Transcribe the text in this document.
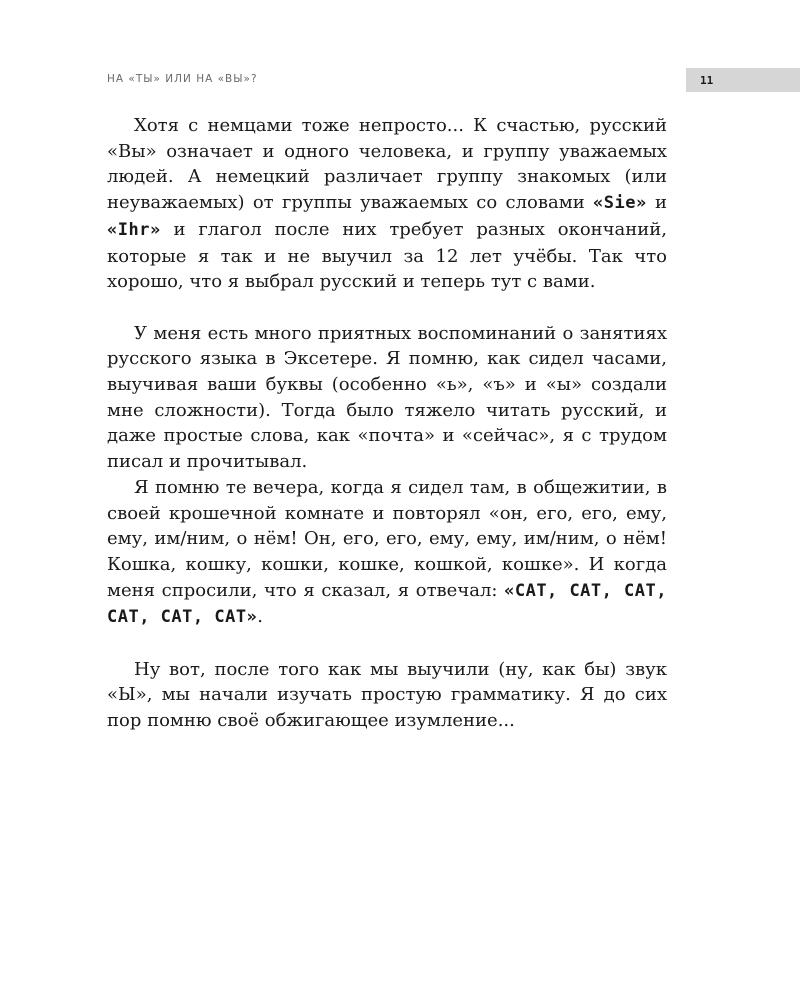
НА «ТЫ» ИЛИ НА «ВЫ»?	11

Хотя с немцами тоже непросто... К счастью, русский «Вы» означает и одного человека, и группу уважаемых людей. А немецкий различает группу знакомых (или неуважаемых) от группы уважаемых со словами «Sie» и «Ihr» и глагол после них требует разных окончаний, которые я так и не выучил за 12 лет учёбы. Так что хорошо, что я выбрал русский и теперь тут с вами.

У меня есть много приятных воспоминаний о занятиях русского языка в Эксетере. Я помню, как сидел часами, выучивая ваши буквы (особенно «ь», «ъ» и «ы» создали мне сложности). Тогда было тяжело читать русский, и даже простые слова, как «почта» и «сейчас», я с трудом писал и прочитывал.

Я помню те вечера, когда я сидел там, в общежитии, в своей крошечной комнате и повторял «он, его, его, ему, ему, им/ним, о нём! Он, его, его, ему, ему, им/ним, о нём! Кошка, кошку, кошки, кошке, кошкой, кошке». И когда меня спросили, что я сказал, я отвечал: «CAT, CAT, CAT, CAT, CAT, CAT».

Ну вот, после того как мы выучили (ну, как бы) звук «Ы», мы начали изучать простую грамматику. Я до сих пор помню своё обжигающее изумление...
